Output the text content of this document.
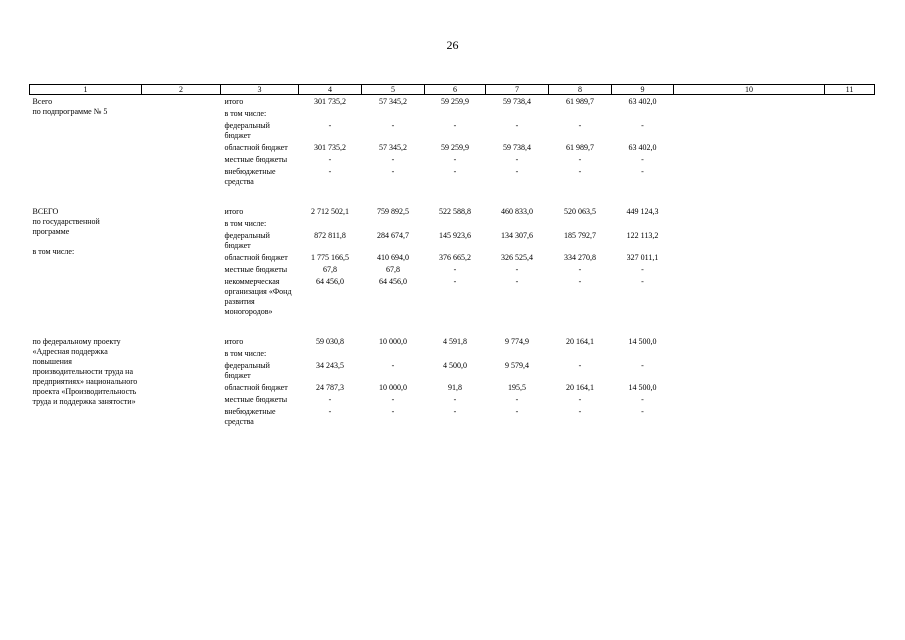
26
1	2	3	4	5	6	7	8	9	10	11

Всего
по подпрограмме № 5		итого	301 735,2	57 345,2	59 259,9	59 738,4	61 989,7	63 402,0		
		в том числе:								
		федеральный бюджет	-	-	-	-	-	-		
		областной бюджет	301 735,2	57 345,2	59 259,9	59 738,4	61 989,7	63 402,0		
		местные бюджеты	-	-	-	-	-	-		
		внебюджетные средства	-	-	-	-	-	-		

ВСЕГО
по государственной программе

в том числе:		итого	2 712 502,1	759 892,5	522 588,8	460 833,0	520 063,5	449 124,3		
		в том числе:								
		федеральный бюджет	872 811,8	284 674,7	145 923,6	134 307,6	185 792,7	122 113,2		
		областной бюджет	1 775 166,5	410 694,0	376 665,2	326 525,4	334 270,8	327 011,1		
		местные бюджеты	67,8	67,8	-	-	-	-		
		некоммерческая организация «Фонд развития моногородов»	64 456,0	64 456,0	-	-	-	-		

по федеральному проекту «Адресная поддержка повышения производительности труда на предприятиях» национального проекта «Производительность труда и поддержка занятости»		итого	59 030,8	10 000,0	4 591,8	9 774,9	20 164,1	14 500,0		
		в том числе:								
		федеральный бюджет	34 243,5	-	4 500,0	9 579,4	-	-		
		областной бюджет	24 787,3	10 000,0	91,8	195,5	20 164,1	14 500,0		
		местные бюджеты	-	-	-	-	-	-		
		внебюджетные средства	-	-	-	-	-	-		
